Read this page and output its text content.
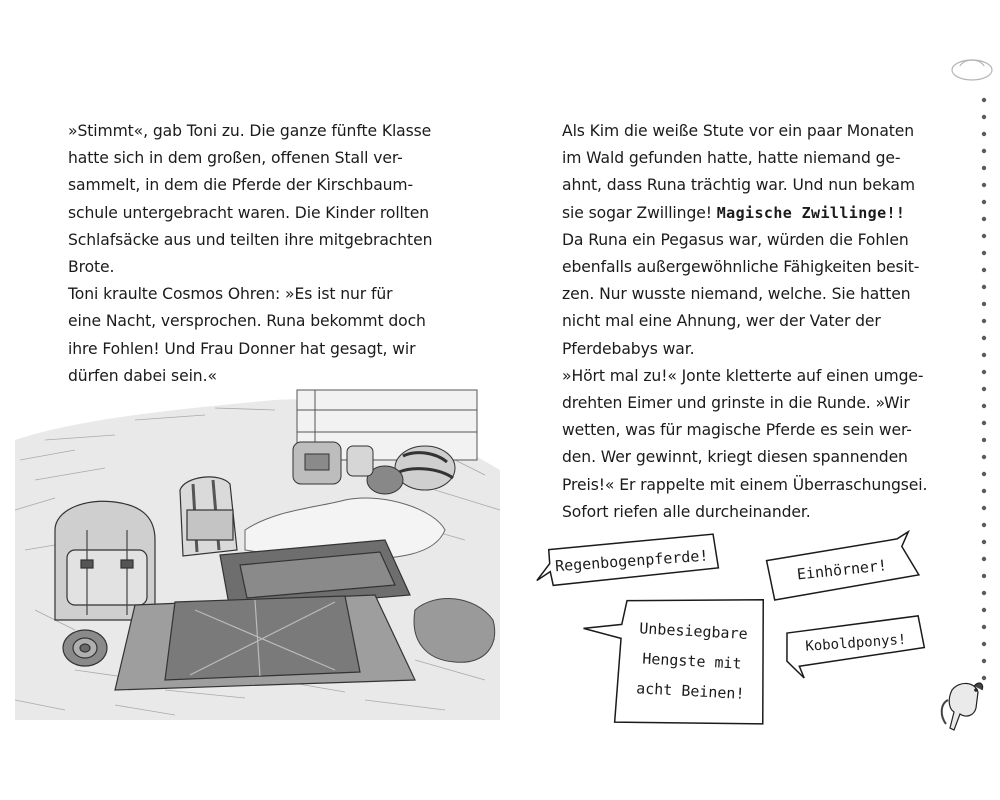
»Stimmt«, gab Toni zu. Die ganze fünfte Klasse
hatte sich in dem großen, offenen Stall ver-
sammelt, in dem die Pferde der Kirschbaum-
schule untergebracht waren. Die Kinder rollten
Schlafsäcke aus und teilten ihre mitgebrachten
Brote.
Toni kraulte Cosmos Ohren: »Es ist nur für
eine Nacht, versprochen. Runa bekommt doch
ihre Fohlen! Und Frau Donner hat gesagt, wir
dürfen dabei sein.«
Als Kim die weiße Stute vor ein paar Monaten
im Wald gefunden hatte, hatte niemand ge-
ahnt, dass Runa trächtig war. Und nun bekam
sie sogar Zwillinge! Magische Zwillinge!!
Da Runa ein Pegasus war, würden die Fohlen
ebenfalls außergewöhnliche Fähigkeiten besit-
zen. Nur wusste niemand, welche. Sie hatten
nicht mal eine Ahnung, wer der Vater der
Pferdebabys war.
»Hört mal zu!« Jonte kletterte auf einen umge-
drehten Eimer und grinste in die Runde. »Wir
wetten, was für magische Pferde es sein wer-
den. Wer gewinnt, kriegt diesen spannenden
Preis!« Er rappelte mit einem Überraschungsei.
Sofort riefen alle durcheinander.
Regenbogenpferde!	Einhörner!
Unbesiegbare
Hengste mit
acht Beinen!
Koboldponys!
